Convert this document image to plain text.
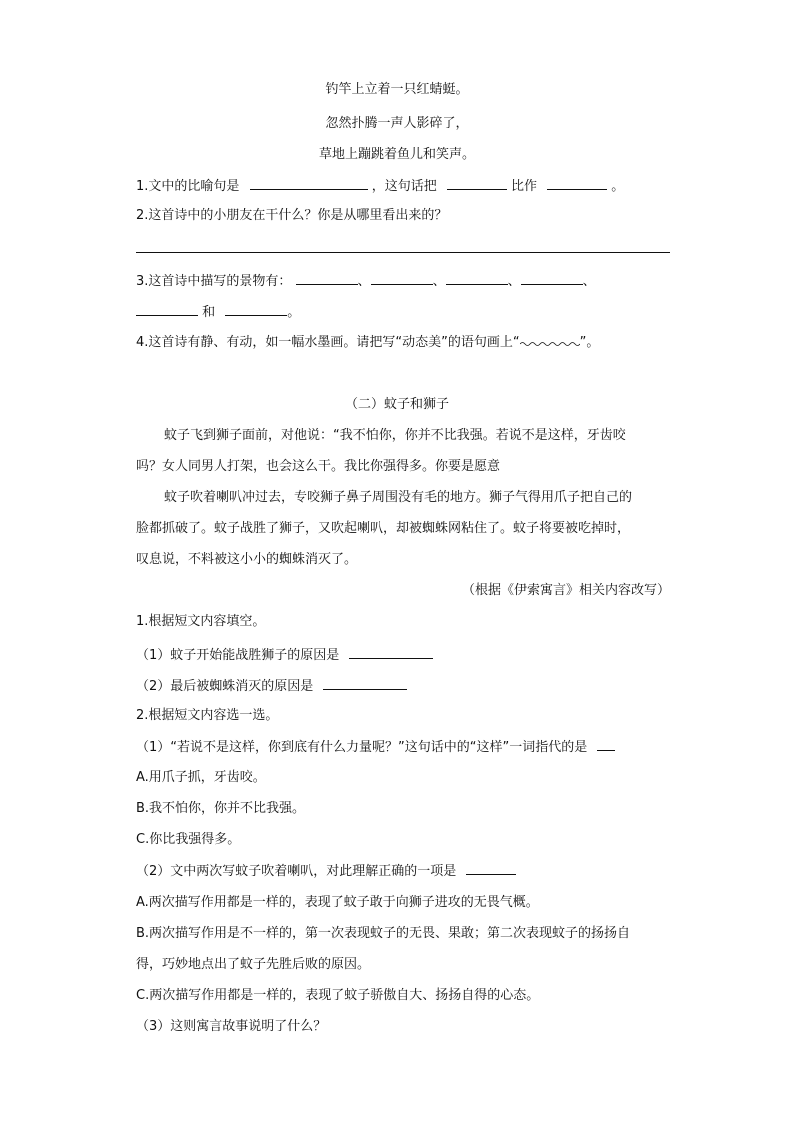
钓竿上立着一只红蜻蜓。
忽然扑腾一声人影碎了，
草地上蹦跳着鱼儿和笑声。
1.文中的比喻句是	，这句话把	比作	。
2.这首诗中的小朋友在干什么？你是从哪里看出来的？
3.这首诗中描写的景物有：	、	、	、	、
和	。
4.这首诗有静、有动，如一幅水墨画。请把写“动态美”的语句画上“	”。
（二）蚊子和狮子
蚊子飞到狮子面前，对他说：“我不怕你，你并不比我强。若说不是这样，牙齿咬
吗？女人同男人打架，也会这么干。我比你强得多。你要是愿意
蚊子吹着喇叭冲过去，专咬狮子鼻子周围没有毛的地方。狮子气得用爪子把自己的
脸都抓破了。蚊子战胜了狮子，又吹起喇叭，却被蜘蛛网粘住了。蚊子将要被吃掉时，
叹息说，不料被这小小的蜘蛛消灭了。
（根据《伊索寓言》相关内容改写）
1.根据短文内容填空。
（1）蚊子开始能战胜狮子的原因是
（2）最后被蜘蛛消灭的原因是
2.根据短文内容选一选。
（1）“若说不是这样，你到底有什么力量呢？”这句话中的“这样”一词指代的是
A.用爪子抓，牙齿咬。
B.我不怕你，你并不比我强。
C.你比我强得多。
（2）文中两次写蚊子吹着喇叭，对此理解正确的一项是
A.两次描写作用都是一样的，表现了蚊子敢于向狮子进攻的无畏气概。
B.两次描写作用是不一样的，第一次表现蚊子的无畏、果敢；第二次表现蚊子的扬扬自
得，巧妙地点出了蚊子先胜后败的原因。
C.两次描写作用都是一样的，表现了蚊子骄傲自大、扬扬自得的心态。
（3）这则寓言故事说明了什么？
